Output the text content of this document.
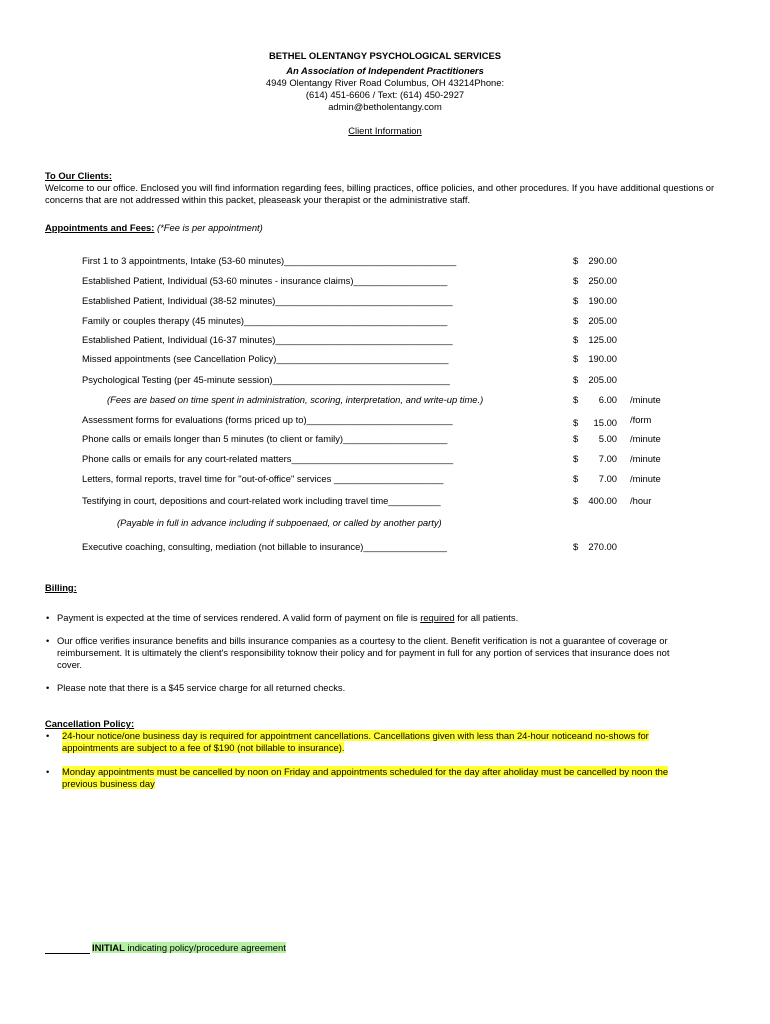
BETHEL OLENTANGY PSYCHOLOGICAL SERVICES
An Association of Independent Practitioners
4949 Olentangy River Road Columbus, OH 43214Phone:
(614) 451-6606 / Text: (614) 450-2927
admin@betholentangy.com
Client Information
To Our Clients:
Welcome to our office. Enclosed you will find information regarding fees, billing practices, office policies, and other procedures. If you have additional questions or concerns that are not addressed within this packet, pleaseask your therapist or the administrative staff.
Appointments and Fees: (*Fee is per appointment)
First 1 to 3 appointments, Intake (53-60 minutes)_________________________________	$	290.00
Established Patient, Individual (53-60 minutes - insurance claims)__________________	$	250.00
Established Patient, Individual (38-52 minutes)__________________________________	$	190.00
Family or couples therapy (45 minutes)_______________________________________	$	205.00
Established Patient, Individual (16-37 minutes)__________________________________	$	125.00
Missed appointments (see Cancellation Policy)_________________________________	$	190.00
Psychological Testing (per 45-minute session)__________________________________	$	205.00
(Fees are based on time spent in administration, scoring, interpretation, and write-up time.)	$	6.00 /minute
Assessment forms for evaluations (forms priced up to)____________________________	$	15.00 /form
Phone calls or emails longer than 5 minutes (to client or family)____________________	$	5.00 /minute
Phone calls or emails for any court-related matters_______________________________	$	7.00 /minute
Letters, formal reports, travel time for "out-of-office" services _____________________	$	7.00 /minute
Testifying in court, depositions and court-related work including travel time__________	$	400.00 /hour
(Payable in full in advance including if subpoenaed, or called by another party)
Executive coaching, consulting, mediation (not billable to insurance)________________	$	270.00
Billing:
• Payment is expected at the time of services rendered. A valid form of payment on file is required for all patients.
• Our office verifies insurance benefits and bills insurance companies as a courtesy to the client. Benefit verification is not a guarantee of coverage or reimbursement. It is ultimately the client's responsibility toknow their policy and for payment in full for any portion of services that insurance does not cover.
• Please note that there is a $45 service charge for all returned checks.
Cancellation Policy:
• 24-hour notice/one business day is required for appointment cancellations. Cancellations given with less than 24-hour noticeand no-shows for
appointments are subject to a fee of $190 (not billable to insurance).
• Monday appointments must be cancelled by noon on Friday and appointments scheduled for the day after aholiday must be cancelled by noon the
previous business day
INITIAL indicating policy/procedure agreement
